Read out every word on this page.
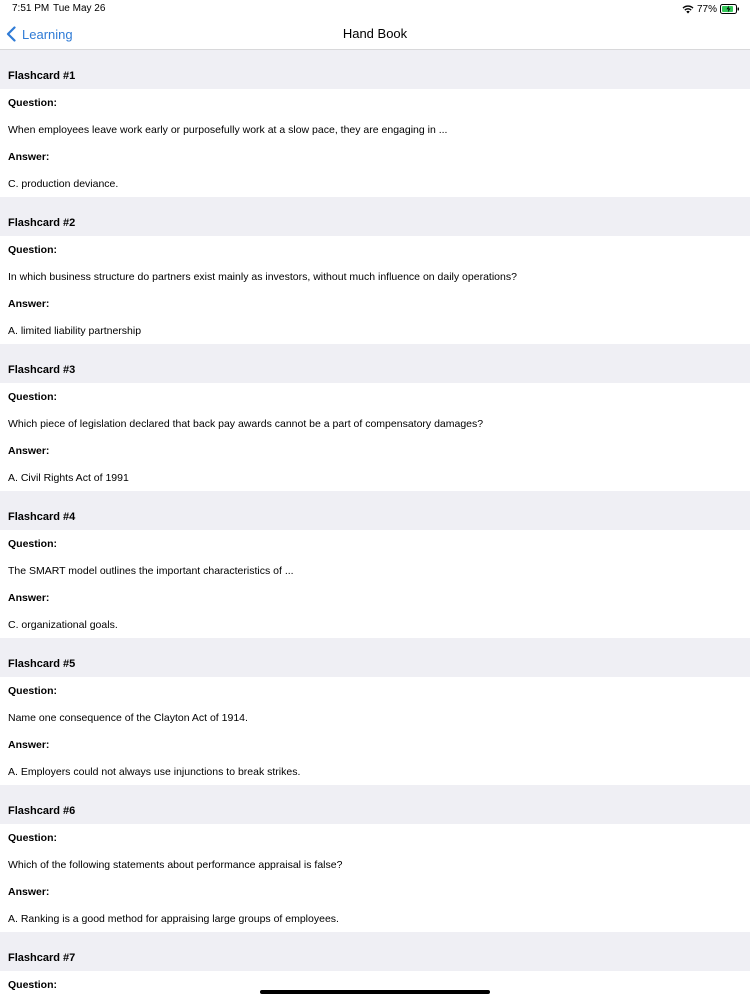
7:51 PM Tue May 26	77%
Learning	Hand Book
Flashcard #1
Question:
When employees leave work early or purposefully work at a slow pace, they are engaging in ...
Answer:
C. production deviance.
Flashcard #2
Question:
In which business structure do partners exist mainly as investors, without much influence on daily operations?
Answer:
A. limited liability partnership
Flashcard #3
Question:
Which piece of legislation declared that back pay awards cannot be a part of compensatory damages?
Answer:
A. Civil Rights Act of 1991
Flashcard #4
Question:
The SMART model outlines the important characteristics of ...
Answer:
C. organizational goals.
Flashcard #5
Question:
Name one consequence of the Clayton Act of 1914.
Answer:
A. Employers could not always use injunctions to break strikes.
Flashcard #6
Question:
Which of the following statements about performance appraisal is false?
Answer:
A. Ranking is a good method for appraising large groups of employees.
Flashcard #7
Question:
